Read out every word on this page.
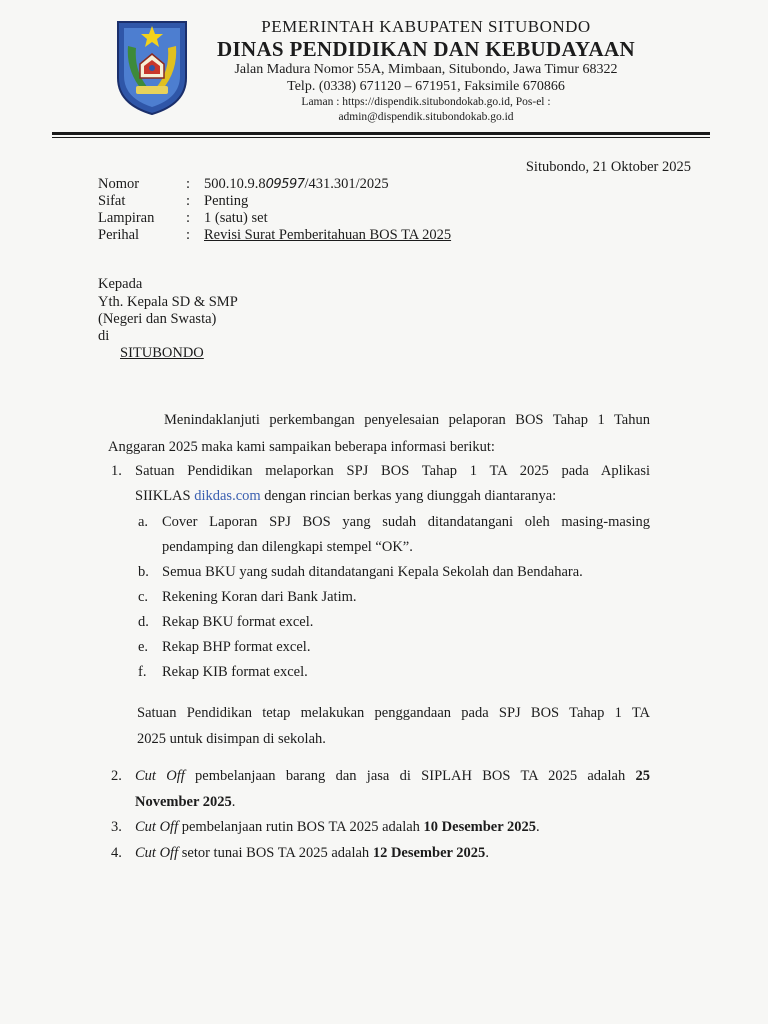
PEMERINTAH KABUPATEN SITUBONDO
DINAS PENDIDIKAN DAN KEBUDAYAAN
Jalan Madura Nomor 55A, Mimbaan, Situbondo, Jawa Timur 68322
Telp. (0338) 671120 – 671951, Faksimile 670866
Laman : https://dispendik.situbondokab.go.id, Pos-el :
admin@dispendik.situbondokab.go.id
Situbondo, 21 Oktober 2025
Nomor	: 500.10.9.809597/431.301/2025
Sifat	: Penting
Lampiran : 1 (satu) set
Perihal	: Revisi Surat Pemberitahuan BOS TA 2025
Kepada
Yth. Kepala SD & SMP
(Negeri dan Swasta)
di
SITUBONDO
Menindaklanjuti perkembangan penyelesaian pelaporan BOS Tahap 1 Tahun
Anggaran 2025 maka kami sampaikan beberapa informasi berikut:
1. Satuan Pendidikan melaporkan SPJ BOS Tahap 1 TA 2025 pada Aplikasi
SIIKLAS dikdas.com dengan rincian berkas yang diunggah diantaranya:
a. Cover Laporan SPJ BOS yang sudah ditandatangani oleh masing-masing
pendamping dan dilengkapi stempel “OK”.
b. Semua BKU yang sudah ditandatangani Kepala Sekolah dan Bendahara.
c. Rekening Koran dari Bank Jatim.
d. Rekap BKU format excel.
e. Rekap BHP format excel.
f. Rekap KIB format excel.
Satuan Pendidikan tetap melakukan penggandaan pada SPJ BOS Tahap 1 TA
2025 untuk disimpan di sekolah.
2. Cut Off pembelanjaan barang dan jasa di SIPLAH BOS TA 2025 adalah 25
November 2025.
3. Cut Off pembelanjaan rutin BOS TA 2025 adalah 10 Desember 2025.
4. Cut Off setor tunai BOS TA 2025 adalah 12 Desember 2025.
